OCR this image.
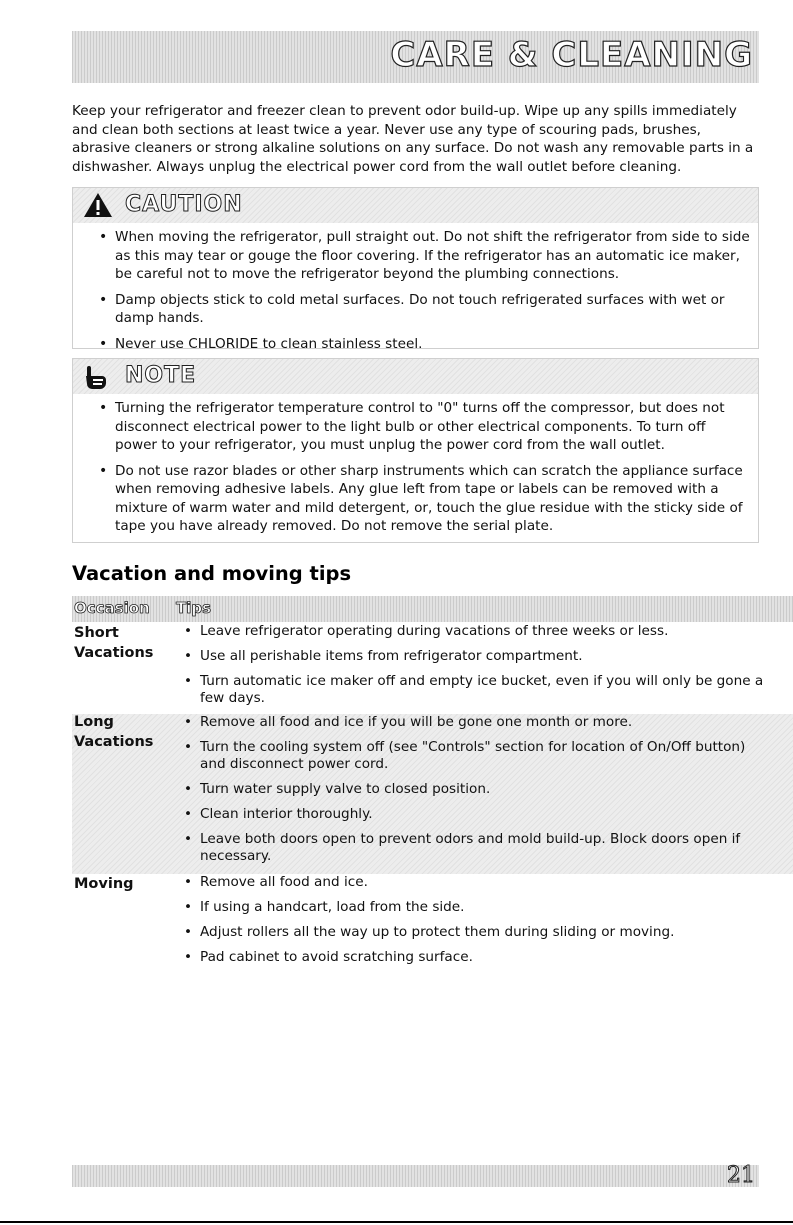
CARE & CLEANING

Keep your refrigerator and freezer clean to prevent odor build-up. Wipe up any spills immediately and clean both sections at least twice a year. Never use any type of scouring pads, brushes, abrasive cleaners or strong alkaline solutions on any surface. Do not wash any removable parts in a dishwasher. Always unplug the electrical power cord from the wall outlet before cleaning.

CAUTION
• When moving the refrigerator, pull straight out. Do not shift the refrigerator from side to side as this may tear or gouge the floor covering. If the refrigerator has an automatic ice maker, be careful not to move the refrigerator beyond the plumbing connections.
• Damp objects stick to cold metal surfaces. Do not touch refrigerated surfaces with wet or damp hands.
• Never use CHLORIDE to clean stainless steel.
NOTE
• Turning the refrigerator temperature control to "0" turns off the compressor, but does not disconnect electrical power to the light bulb or other electrical components. To turn off power to your refrigerator, you must unplug the power cord from the wall outlet.
• Do not use razor blades or other sharp instruments which can scratch the appliance surface when removing adhesive labels. Any glue left from tape or labels can be removed with a mixture of warm water and mild detergent, or, touch the glue residue with the sticky side of tape you have already removed. Do not remove the serial plate.
Vacation and moving tips
Occasion Tips
Short Vacations
• Leave refrigerator operating during vacations of three weeks or less.
• Use all perishable items from refrigerator compartment.
• Turn automatic ice maker off and empty ice bucket, even if you will only be gone a few days.
Long Vacations
• Remove all food and ice if you will be gone one month or more.
• Turn the cooling system off (see "Controls" section for location of On/Off button) and disconnect power cord.
• Turn water supply valve to closed position.
• Clean interior thoroughly.
• Leave both doors open to prevent odors and mold build-up. Block doors open if necessary.
Moving
•	Remove all food and ice.
• If using a handcart, load from the side.
• Adjust rollers all the way up to protect them during sliding or moving.
• Pad cabinet to avoid scratching surface.
21
